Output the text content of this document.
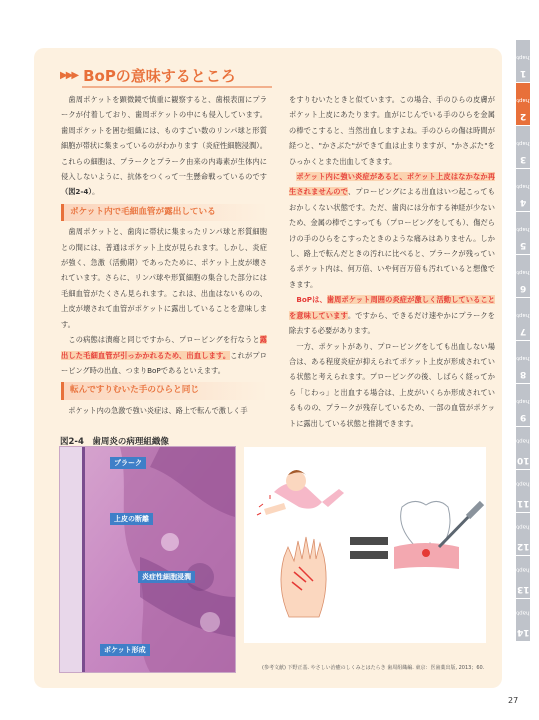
▶▶▶ BoPの意味するところ

　歯周ポケットを顕微鏡で慎重に観察すると、歯根表面にプラークが付着しており、歯周ポケットの中にも侵入しています。歯周ポケットを囲む組織には、ものすごい数のリンパ球と形質細胞が帯状に集まっているのがわかります（炎症性細胞浸潤）。これらの細胞は、プラークとプラーク由来の内毒素が生体内に侵入しないように、抗体をつくって一生懸命戦っているのです（図2-4）。

ポケット内で毛細血管が露出している

　歯周ポケットと、歯肉に帯状に集まったリンパ球と形質細胞との間には、普通はポケット上皮が見られます。しかし、炎症が強く、急激（活動期）であったために、ポケット上皮が壊されています。さらに、リンパ球や形質細胞の集合した部分には毛細血管がたくさん見られます。これは、出血はないものの、上皮が壊されて血管がポケットに露出していることを意味します。

　この病態は潰瘍と同じですから、プロービングを行なうと露出した毛細血管が引っかかれるため、出血します。これがプロービング時の出血、つまりBoPであるといえます。

転んですりむいた手のひらと同じ

　ポケット内の急激で強い炎症は、路上で転んで激しく手

をすりむいたときと似ています。この場合、手のひらの皮膚がポケット上皮にあたります。血がにじんでいる手のひらを金属の棒でこすると、当然出血しますよね。手のひらの傷は時間が経つと、"かさぶた"ができて血は止まりますが、"かさぶた"をひっかくとまた出血してきます。

　ポケット内に強い炎症があると、ポケット上皮はなかなか再生されませんので、プロービングによる出血はいつ起こってもおかしくない状態です。ただ、歯肉には分布する神経が少ないため、金属の棒でこすっても（プロービングをしても）、傷だらけの手のひらをこすったときのような痛みはありません。しかし、路上で転んだときの汚れに比べると、プラークが残っているポケット内は、何万倍、いや何百万倍も汚れていると想像できます。

　BoPは、歯周ポケット周囲の炎症が激しく活動していることを意味しています。ですから、できるだけ速やかにプラークを除去する必要があります。

　一方、ポケットがあり、プロービングをしても出血しない場合は、ある程度炎症が抑えられてポケット上皮が形成されている状態と考えられます。プロービングの後、しばらく経ってから「じわっ」と出血する場合は、上皮がいくらか形成されているものの、プラークが残存しているため、一部の血管がポケットに露出している状態と推測できます。

図2-4　歯周炎の病理組織像
プラーク
上皮の断離
炎症性細胞浸潤
ポケット形成
(参考文献) 下野正基. やさしい治癒のしくみとはたらき 歯周組織編. 東京：医歯薬出版, 2013；60.
27
Chapter1
Chapter2
Chapter3
Chapter4
Chapter5
Chapter6
Chapter7
Chapter8
Chapter9
Chapter10
Chapter11
Chapter12
Chapter13
Chapter14
